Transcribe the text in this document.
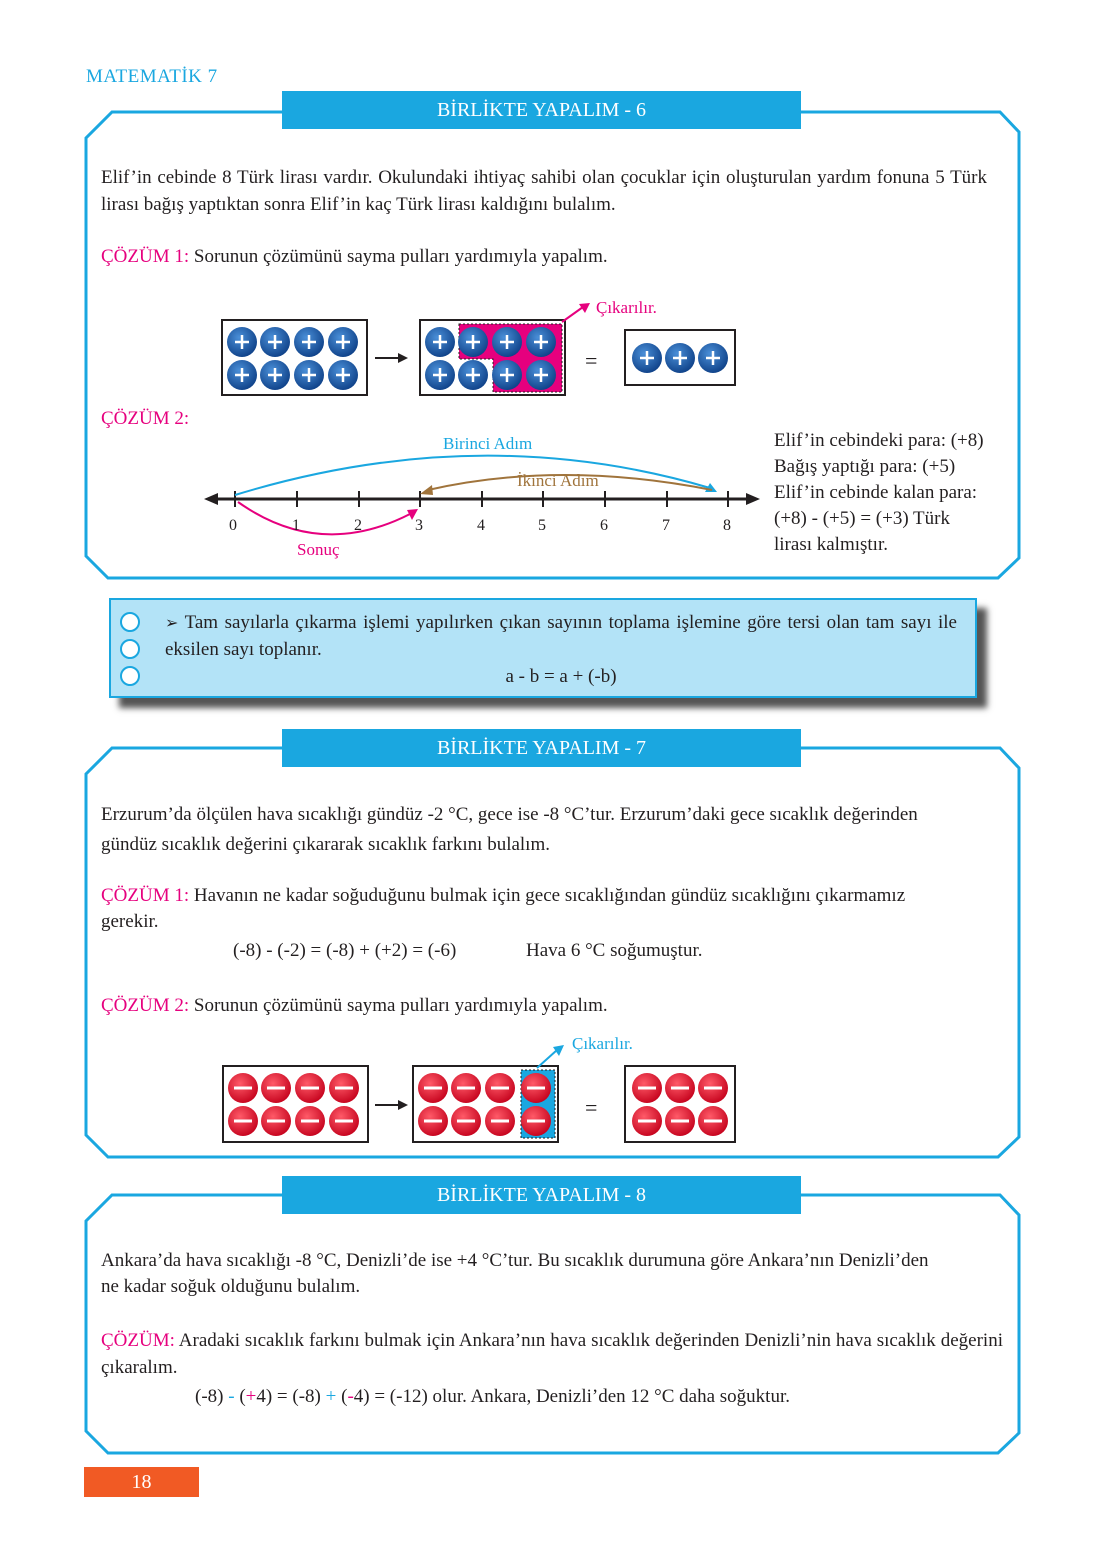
MATEMATİK 7
BİRLİKTE YAPALIM - 6
Elif’in cebinde 8 Türk lirası vardır. Okulundaki ihtiyaç sahibi olan çocuklar için oluşturulan yardım fonuna 5 Türk lirası bağış yaptıktan sonra Elif’in kaç Türk lirası kaldığını bulalım.
ÇÖZÜM 1: Sorunun çözümünü sayma pulları yardımıyla yapalım.
Çıkarılır.
=
ÇÖZÜM 2:
Birinci Adım
İkinci Adım
Sonuç
0	1	2	3	4	5	6	7	8
Elif’in cebindeki para: (+8)
Bağış yaptığı para: (+5)
Elif’in cebinde kalan para:
(+8) - (+5) = (+3) Türk
lirası kalmıştır.
➢ Tam sayılarla çıkarma işlemi yapılırken çıkan sayının toplama işlemine göre tersi olan tam sayı ile eksilen sayı toplanır.
a - b = a + (-b)
BİRLİKTE YAPALIM - 7
Erzurum’da ölçülen hava sıcaklığı gündüz -2 °C, gece ise -8 °C’tur. Erzurum’daki gece sıcaklık değerinden gündüz sıcaklık değerini çıkararak sıcaklık farkını bulalım.
ÇÖZÜM 1: Havanın ne kadar soğuduğunu bulmak için gece sıcaklığından gündüz sıcaklığını çıkarmamız gerekir.
(-8) - (-2) = (-8) + (+2) = (-6)	Hava 6 °C soğumuştur.
ÇÖZÜM 2: Sorunun çözümünü sayma pulları yardımıyla yapalım.
Çıkarılır.
=
BİRLİKTE YAPALIM - 8
Ankara’da hava sıcaklığı -8 °C, Denizli’de ise +4 °C’tur. Bu sıcaklık durumuna göre Ankara’nın Denizli’den ne kadar soğuk olduğunu bulalım.
ÇÖZÜM: Aradaki sıcaklık farkını bulmak için Ankara’nın hava sıcaklık değerinden Denizli’nin hava sıcaklık değerini çıkaralım.
(-8) - (+4) = (-8) + (-4) = (-12) olur. Ankara, Denizli’den 12 °C daha soğuktur.
18
